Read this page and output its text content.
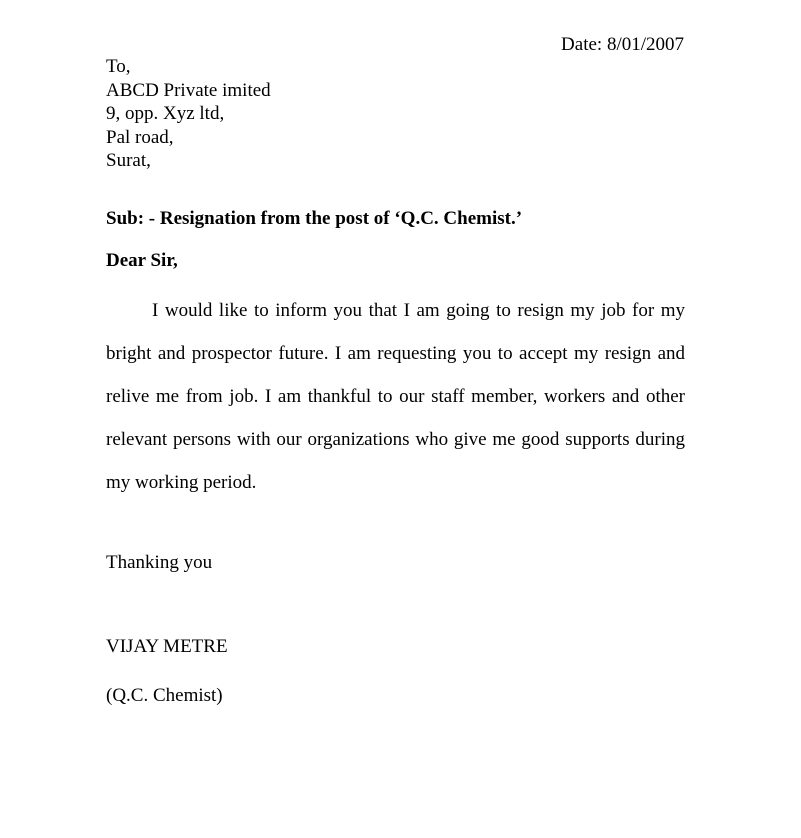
Date: 8/01/2007
To,
ABCD Private imited
9, opp. Xyz ltd,
Pal road,
Surat,
Sub: - Resignation from the post of ‘Q.C. Chemist.’
Dear Sir,
I would like to inform you that I am going to resign my job for my
bright and prospector future. I am requesting you to accept my resign and
relive me from job. I am thankful to our staff member, workers and other
relevant persons with our organizations who give me good supports during
my working period.
Thanking you
VIJAY METRE
(Q.C. Chemist)
